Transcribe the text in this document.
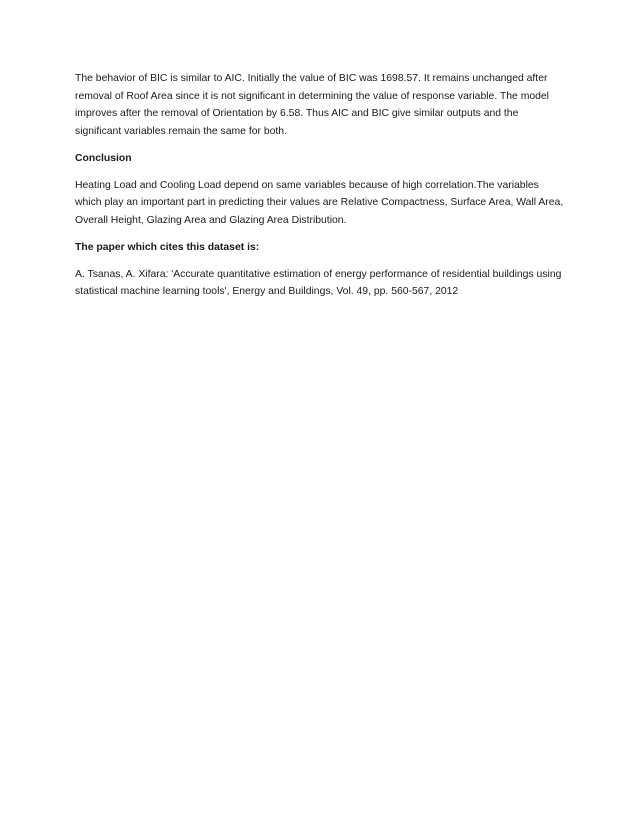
The behavior of BIC is similar to AIC. Initially the value of BIC was 1698.57. It remains unchanged after removal of Roof Area since it is not significant in determining the value of response variable. The model improves after the removal of Orientation by 6.58. Thus AIC and BIC give similar outputs and the significant variables remain the same for both.

Conclusion

Heating Load and Cooling Load depend on same variables because of high correlation.The variables which play an important part in predicting their values are Relative Compactness, Surface Area, Wall Area, Overall Height, Glazing Area and Glazing Area Distribution.

The paper which cites this dataset is:

A. Tsanas, A. Xifara: 'Accurate quantitative estimation of energy performance of residential buildings using statistical machine learning tools', Energy and Buildings, Vol. 49, pp. 560-567, 2012
